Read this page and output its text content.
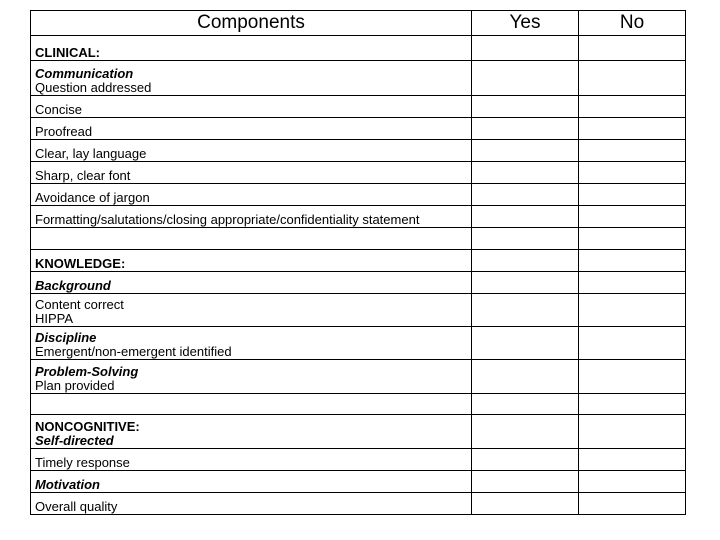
Components	Yes	No

CLINICAL:		

Communication
Question addressed		

Concise		

Proofread		

Clear, lay language		

Sharp, clear font		

Avoidance of jargon		

Formatting/salutations/closing appropriate/confidentiality statement		

KNOWLEDGE:		

Background		

Content correct
HIPPA		

Discipline
Emergent/non-emergent identified		

Problem-Solving
Plan provided		

NONCOGNITIVE:
Self-directed		

Timely response		

Motivation		

Overall quality		
